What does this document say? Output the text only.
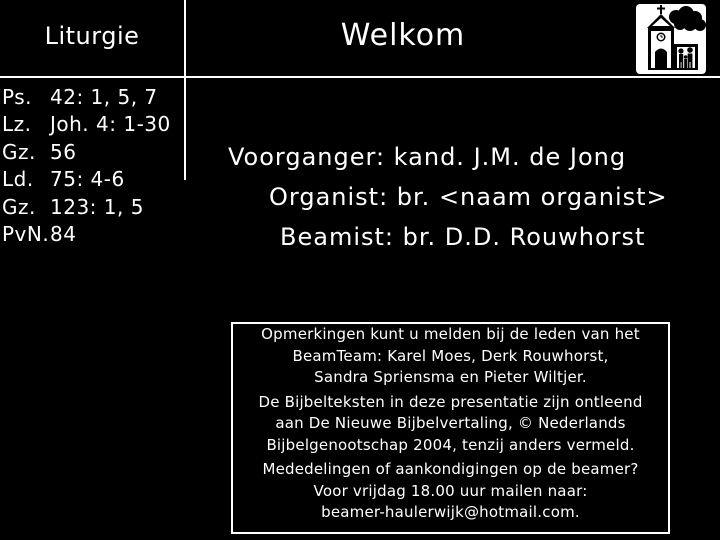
Liturgie	Welkom
Ps. 42: 1, 5, 7
Lz. Joh. 4: 1-30
Gz. 56
Ld. 75: 4-6
Gz. 123: 1, 5
PvN. 84
Voorganger: kand. J.M. de Jong
Organist: br. <naam organist>
Beamist: br. D.D. Rouwhorst

Opmerkingen kunt u melden bij de leden van het
BeamTeam: Karel Moes, Derk Rouwhorst,
Sandra Spriensma en Pieter Wiltjer.

De Bijbelteksten in deze presentatie zijn ontleend
aan De Nieuwe Bijbelvertaling, © Nederlands
Bijbelgenootschap 2004, tenzij anders vermeld.

Mededelingen of aankondigingen op de beamer?
Voor vrijdag 18.00 uur mailen naar:
beamer-haulerwijk@hotmail.com.
